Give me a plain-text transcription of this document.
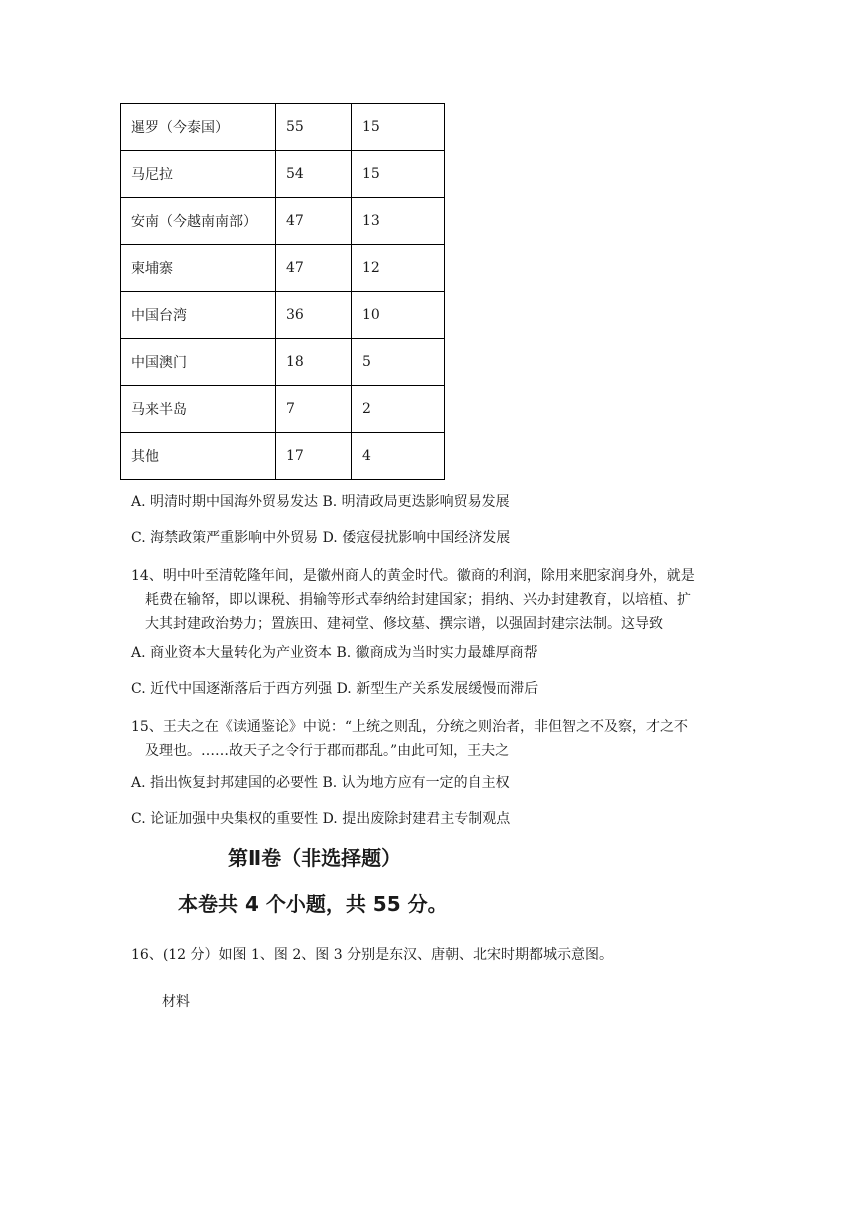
暹罗（今泰国）	55	15
马尼拉	54	15
安南（今越南南部）	47	13
柬埔寨	47	12
中国台湾	36	10
中国澳门	18	5
马来半岛	7	2
其他	17	4
A. 明清时期中国海外贸易发达 B. 明清政局更迭影响贸易发展
C. 海禁政策严重影响中外贸易 D. 倭寇侵扰影响中国经济发展
14、明中叶至清乾隆年间，是徽州商人的黄金时代。徽商的利润，除用来肥家润身外，就是
耗费在输帑，即以课税、捐输等形式奉纳给封建国家；捐纳、兴办封建教育，以培植、扩
大其封建政治势力；置族田、建祠堂、修坟墓、撰宗谱，以强固封建宗法制。这导致
A. 商业资本大量转化为产业资本 B. 徽商成为当时实力最雄厚商帮
C. 近代中国逐渐落后于西方列强 D. 新型生产关系发展缓慢而滞后
15、王夫之在《读通鉴论》中说：“上统之则乱，分统之则治者，非但智之不及察，才之不
及理也。……故天子之令行于郡而郡乱。”由此可知，王夫之
A. 指出恢复封邦建国的必要性 B. 认为地方应有一定的自主权
C. 论证加强中央集权的重要性 D. 提出废除封建君主专制观点
第Ⅱ卷（非选择题）
本卷共 4 个小题，共 55 分。
16、(12 分）如图 1、图 2、图 3 分别是东汉、唐朝、北宋时期都城示意图。
材料
